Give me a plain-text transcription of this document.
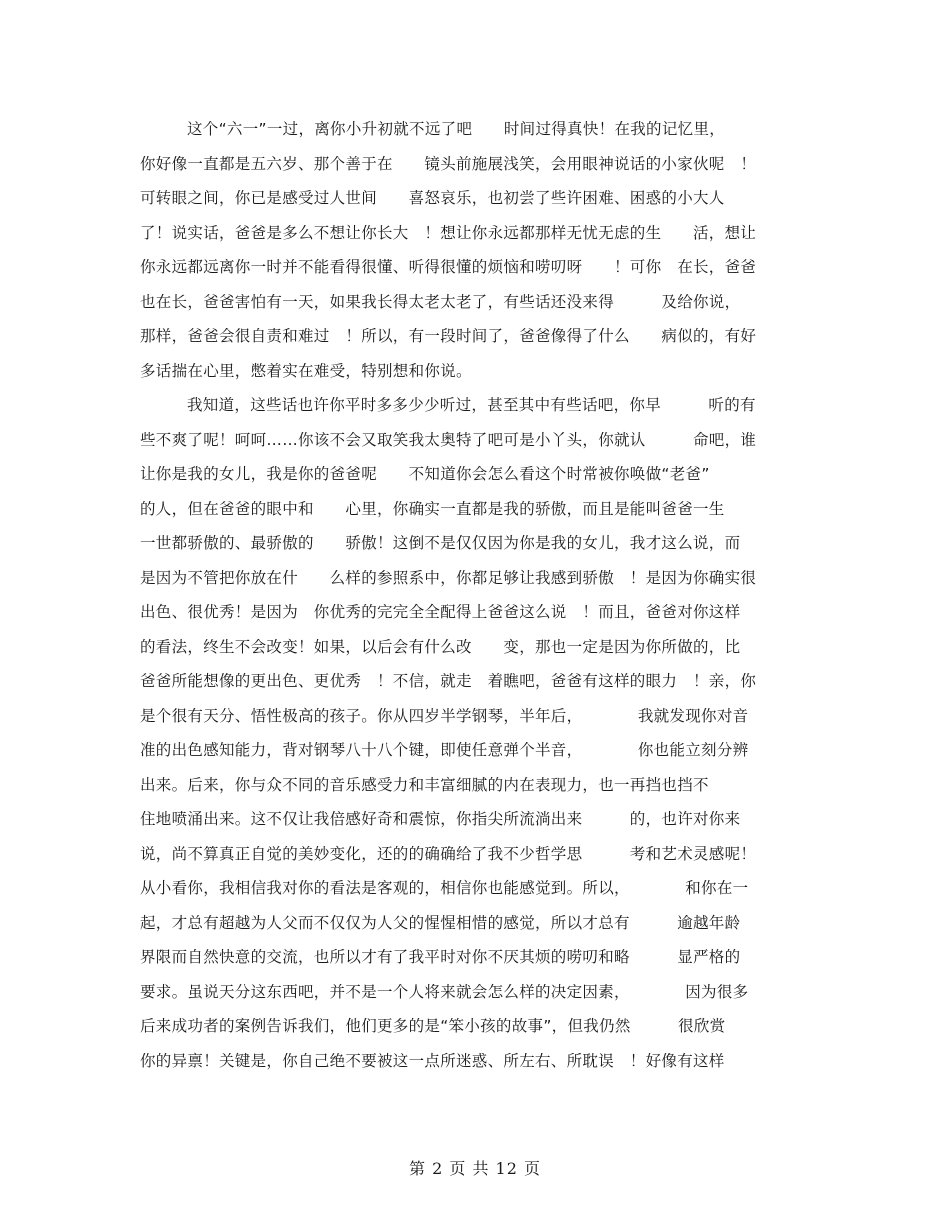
这个“六一”一过，离你小升初就不远了吧　　时间过得真快！在我的记忆里，
你好像一直都是五六岁、那个善于在　　镜头前施展浅笑，会用眼神说话的小家伙呢　！
可转眼之间，你已是感受过人世间　　喜怒哀乐，也初尝了些许困难、困惑的小大人
了！说实话，爸爸是多么不想让你长大　！想让你永远都那样无忧无虑的生　　活，想让
你永远都远离你一时并不能看得很懂、听得很懂的烦恼和唠叨呀　　！可你　在长，爸爸
也在长，爸爸害怕有一天，如果我长得太老太老了，有些话还没来得　　　及给你说，
那样，爸爸会很自责和难过　！所以，有一段时间了，爸爸像得了什么　　病似的，有好
多话揣在心里，憋着实在难受，特别想和你说。
我知道，这些话也许你平时多多少少听过，甚至其中有些话吧，你早　　　听的有
些不爽了呢！呵呵……你该不会又取笑我太奥特了吧可是小丫头，你就认　　　命吧，谁
让你是我的女儿，我是你的爸爸呢　　不知道你会怎么看这个时常被你唤做“老爸”
的人，但在爸爸的眼中和　　心里，你确实一直都是我的骄傲，而且是能叫爸爸一生
一世都骄傲的、最骄傲的　　骄傲！这倒不是仅仅因为你是我的女儿，我才这么说，而
是因为不管把你放在什　　么样的参照系中，你都足够让我感到骄傲　！是因为你确实很
出色、很优秀！是因为　你优秀的完完全全配得上爸爸这么说　！而且，爸爸对你这样
的看法，终生不会改变！如果，以后会有什么改　　变，那也一定是因为你所做的，比
爸爸所能想像的更出色、更优秀　！不信，就走　着瞧吧，爸爸有这样的眼力　！亲，你
是个很有天分、悟性极高的孩子。你从四岁半学钢琴，半年后，　　　　我就发现你对音
准的出色感知能力，背对钢琴八十八个键，即使任意弹个半音，　　　　你也能立刻分辨
出来。后来，你与众不同的音乐感受力和丰富细腻的内在表现力，也一再挡也挡不
住地喷涌出来。这不仅让我倍感好奇和震惊，你指尖所流淌出来　　　的，也许对你来
说，尚不算真正自觉的美妙变化，还的的确确给了我不少哲学思　　　考和艺术灵感呢！
从小看你，我相信我对你的看法是客观的，相信你也能感觉到。所以，　　　　和你在一
起，才总有超越为人父而不仅仅为人父的惺惺相惜的感觉，所以才总有　　　逾越年龄
界限而自然快意的交流，也所以才有了我平时对你不厌其烦的唠叨和略　　　显严格的
要求。虽说天分这东西吧，并不是一个人将来就会怎么样的决定因素，　　　　因为很多
后来成功者的案例告诉我们，他们更多的是“笨小孩的故事”，但我仍然　　　很欣赏
你的异禀！关键是，你自己绝不要被这一点所迷惑、所左右、所耽误　！好像有这样
第 2 页 共 12 页
